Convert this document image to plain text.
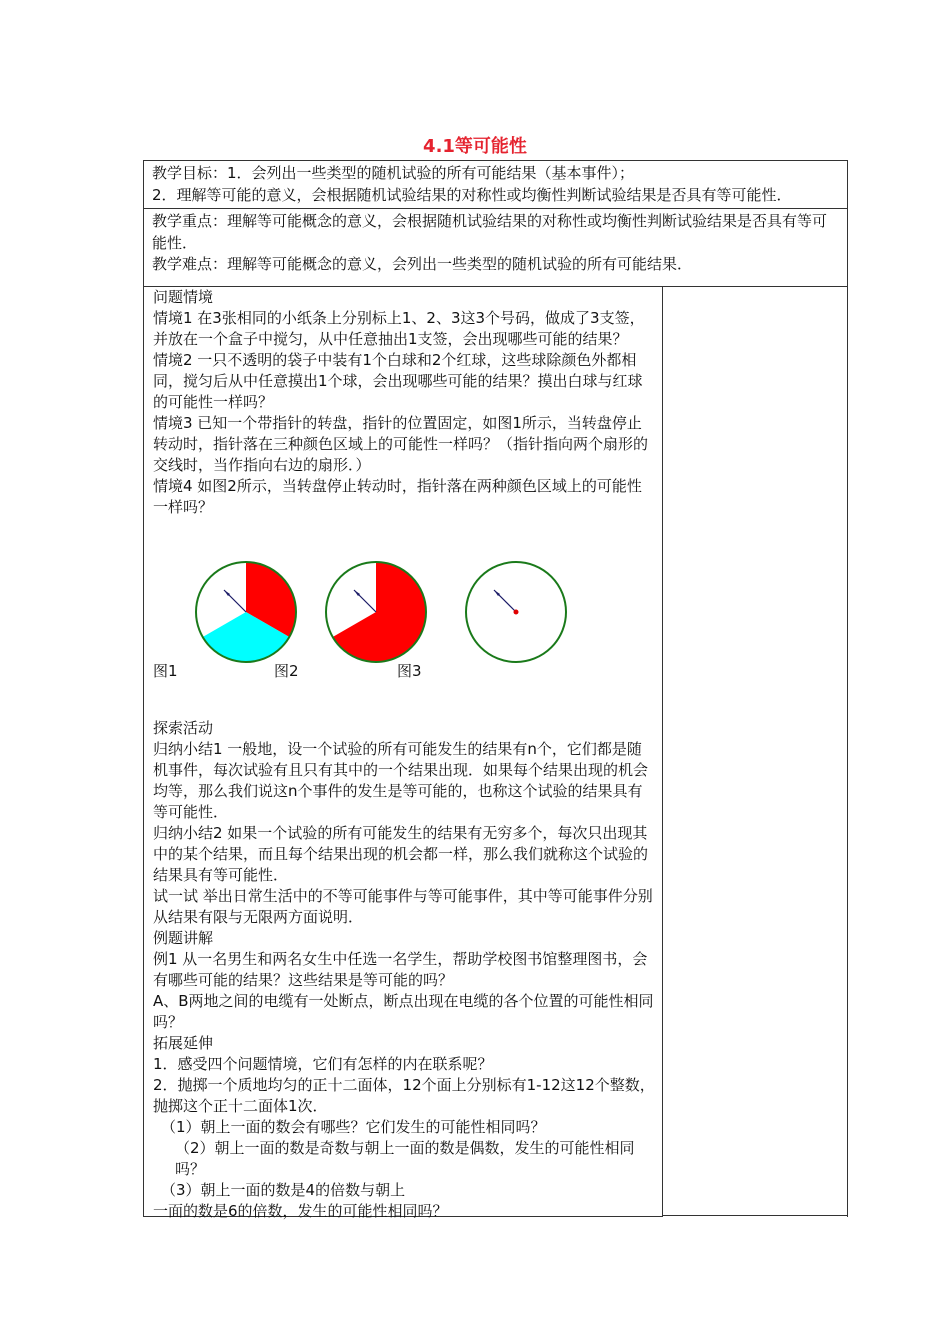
4.1等可能性

教学目标：1．会列出一些类型的随机试验的所有可能结果（基本事件）；

2．理解等可能的意义，会根据随机试验结果的对称性或均衡性判断试验结果是否具有等可能性．

教学重点：理解等可能概念的意义，会根据随机试验结果的对称性或均衡性判断试验结果是否具有等可能性．

教学难点：理解等可能概念的意义，会列出一些类型的随机试验的所有可能结果．

问题情境

情境1 在3张相同的小纸条上分别标上1、2、3这3个号码，做成了3支签，并放在一个盒子中搅匀，从中任意抽出1支签，会出现哪些可能的结果？

情境2 一只不透明的袋子中装有1个白球和2个红球，这些球除颜色外都相同，搅匀后从中任意摸出1个球，会出现哪些可能的结果？摸出白球与红球的可能性一样吗？

情境3 已知一个带指针的转盘，指针的位置固定，如图1所示，当转盘停止转动时，指针落在三种颜色区域上的可能性一样吗？（指针指向两个扇形的交线时，当作指向右边的扇形．）

情境4 如图2所示，当转盘停止转动时，指针落在两种颜色区域上的可能性一样吗？

图1	图2	图3

探索活动

归纳小结1 一般地，设一个试验的所有可能发生的结果有n个，它们都是随机事件，每次试验有且只有其中的一个结果出现．如果每个结果出现的机会均等，那么我们说这n个事件的发生是等可能的，也称这个试验的结果具有等可能性．

归纳小结2 如果一个试验的所有可能发生的结果有无穷多个，每次只出现其中的某个结果，而且每个结果出现的机会都一样，那么我们就称这个试验的结果具有等可能性．

试一试 举出日常生活中的不等可能事件与等可能事件，其中等可能事件分别从结果有限与无限两方面说明．

例题讲解

例1 从一名男生和两名女生中任选一名学生，帮助学校图书馆整理图书，会有哪些可能的结果？这些结果是等可能的吗？

A、B两地之间的电缆有一处断点，断点出现在电缆的各个位置的可能性相同吗？

拓展延伸

1．感受四个问题情境，它们有怎样的内在联系呢？

2．抛掷一个质地均匀的正十二面体，12个面上分别标有1-12这12个整数，抛掷这个正十二面体1次．

（1）朝上一面的数会有哪些？它们发生的可能性相同吗？

（2）朝上一面的数是奇数与朝上一面的数是偶数，发生的可能性相同吗？

（3）朝上一面的数是4的倍数与朝上

一面的数是6的倍数，发生的可能性相同吗？
